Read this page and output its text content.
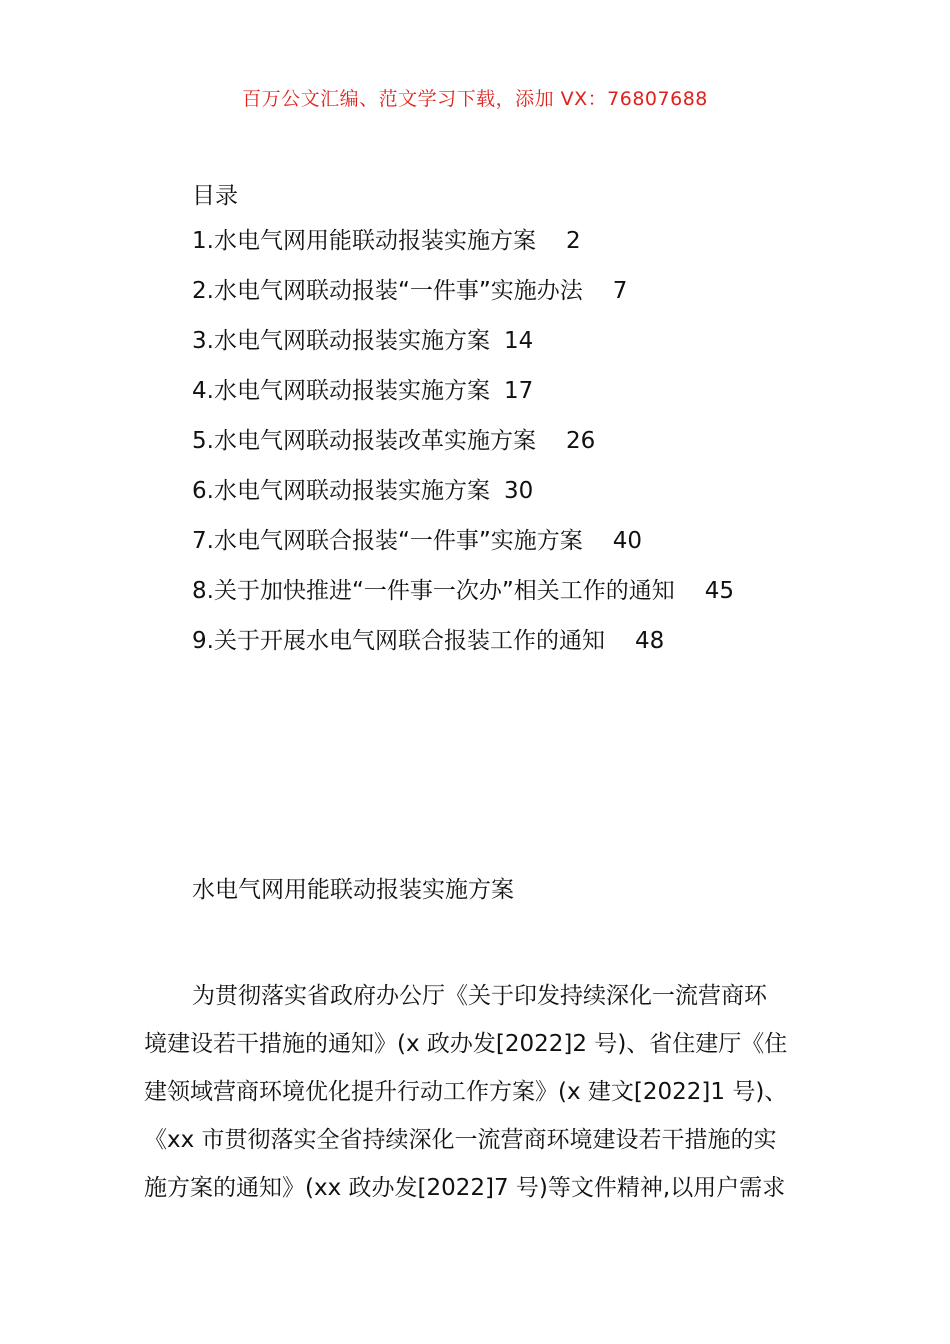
百万公文汇编、范文学习下载，添加 VX：76807688
目录
1.水电气网用能联动报装实施方案 2
2.水电气网联动报装“一件事”实施办法 7
3.水电气网联动报装实施方案 14
4.水电气网联动报装实施方案 17
5.水电气网联动报装改革实施方案 26
6.水电气网联动报装实施方案 30
7.水电气网联合报装“一件事”实施方案 40
8.关于加快推进“一件事一次办”相关工作的通知 45
9.关于开展水电气网联合报装工作的通知 48
水电气网用能联动报装实施方案
为贯彻落实省政府办公厅《关于印发持续深化一流营商环
境建设若干措施的通知》(x 政办发[2022]2 号)、省住建厅《住
建领域营商环境优化提升行动工作方案》(x 建文[2022]1 号)、
《xx 市贯彻落实全省持续深化一流营商环境建设若干措施的实
施方案的通知》(xx 政办发[2022]7 号)等文件精神,以用户需求
